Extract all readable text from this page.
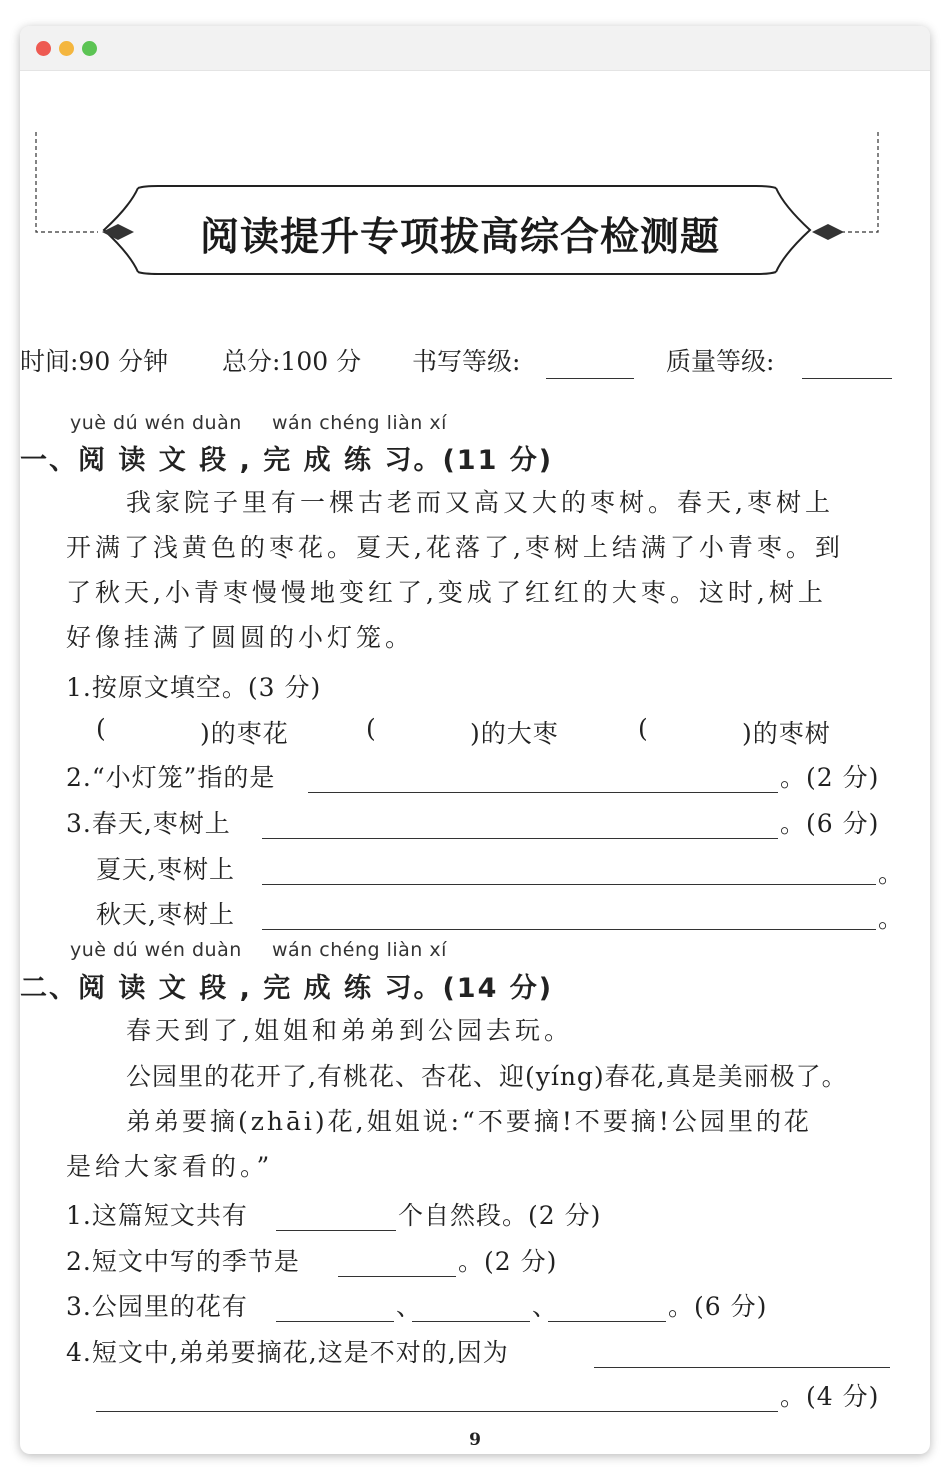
阅读提升专项拔高综合检测题
时间:90 分钟 总分:100 分 书写等级:	质量等级:
yuè dú wén duàn wán chéng liàn xí
一、阅 读 文 段 , 完 成 练 习。(11 分)
我家院子里有一棵古老而又高又大的枣树。春天,枣树上
开满了浅黄色的枣花。夏天,花落了,枣树上结满了小青枣。到
了秋天,小青枣慢慢地变红了,变成了红红的大枣。这时,树上
好像挂满了圆圆的小灯笼。
1.按原文填空。(3 分)
(	)的枣花	(	)的大枣	(	)的枣树
2.“小灯笼”指的是	。(2 分)
3.春天,枣树上	。(6 分)
夏天,枣树上	。
秋天,枣树上	。
yuè dú wén duàn wán chéng liàn xí
二、阅 读 文 段 , 完 成 练 习。(14 分)
春天到了,姐姐和弟弟到公园去玩。
公园里的花开了,有桃花、杏花、迎(yíng)春花,真是美丽极了。
弟弟要摘(zhāi)花,姐姐说:“不要摘!不要摘!公园里的花
是给大家看的。”
1.这篇短文共有	个自然段。(2 分)
2.短文中写的季节是	。(2 分)
3.公园里的花有	、	、	。(6 分)
4.短文中,弟弟要摘花,这是不对的,因为
。(4 分)
9
